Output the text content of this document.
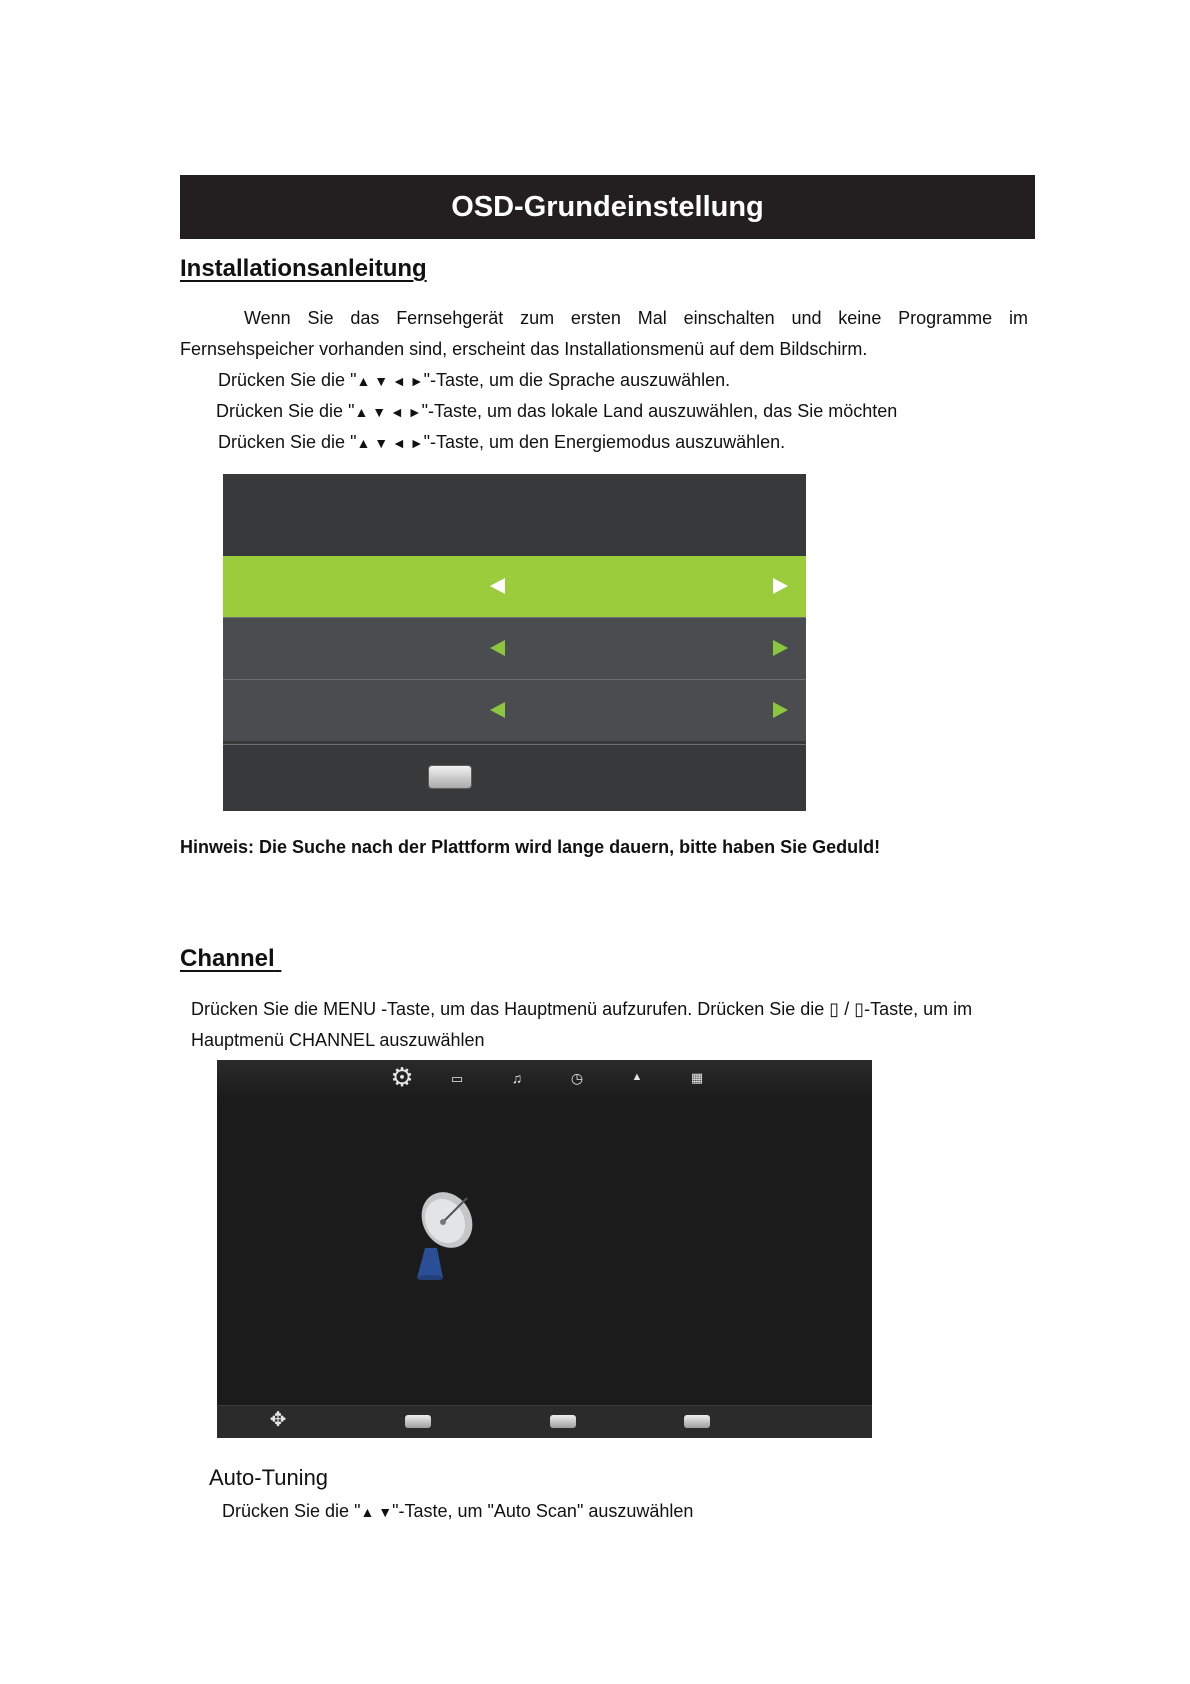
OSD-Grundeinstellung
Installationsanleitung
Wenn Sie das Fernsehgerät zum ersten Mal einschalten und keine Programme im
Fernsehspeicher vorhanden sind, erscheint das Installationsmenü auf dem Bildschirm.
Drücken Sie die "▲ ▼ ◄ ►"-Taste, um die Sprache auszuwählen.
Drücken Sie die "▲ ▼ ◄ ►"-Taste, um das lokale Land auszuwählen, das Sie möchten
Drücken Sie die "▲ ▼ ◄ ►"-Taste, um den Energiemodus auszuwählen.
Hinweis: Die Suche nach der Plattform wird lange dauern, bitte haben Sie Geduld!
Channel
Drücken Sie die MENU -Taste, um das Hauptmenü aufzurufen. Drücken Sie die ▯ / ▯-Taste, um im
Hauptmenü CHANNEL auszuwählen
⚙	▭	♫	◷	▲	▦
✥
Auto-Tuning
Drücken Sie die "▲ ▼"-Taste, um "Auto Scan" auszuwählen
